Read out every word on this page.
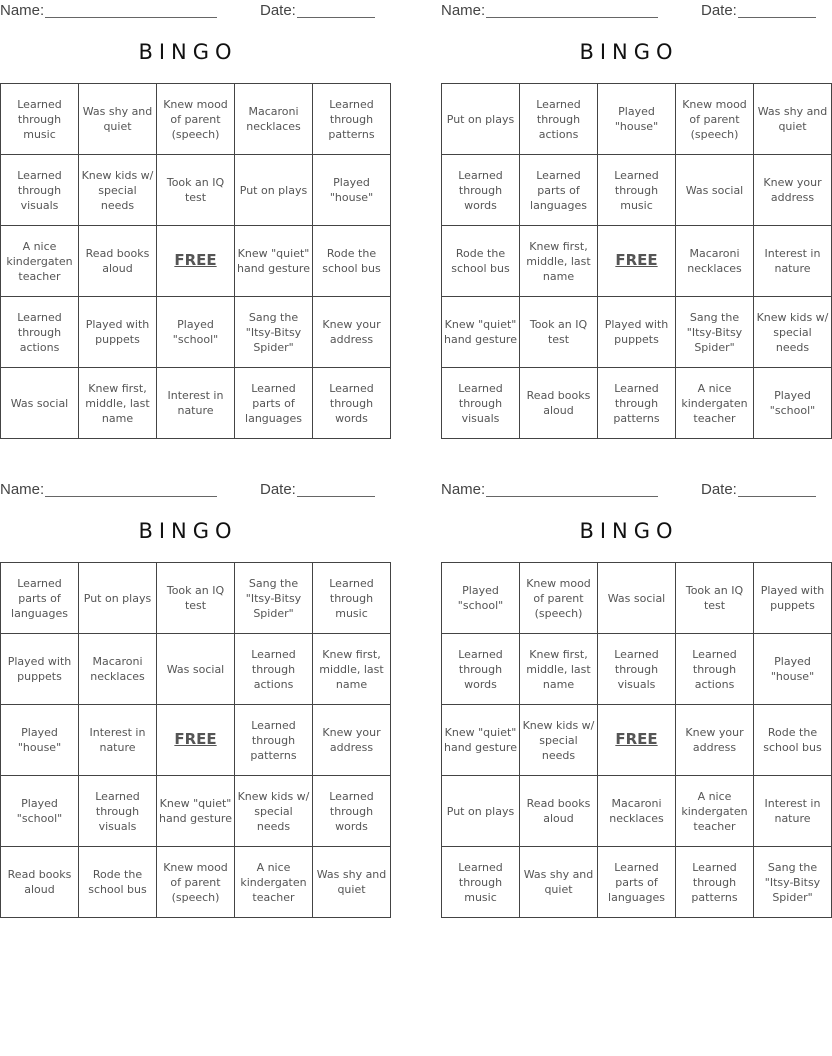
Name:	Date:
BINGO
Learned through music	Was shy and quiet	Knew mood of parent (speech)	Macaroni necklaces	Learned through patterns
Learned through visuals	Knew kids w/ special needs	Took an IQ test	Put on plays	Played "house"
A nice kindergaten teacher	Read books aloud	FREE	Knew "quiet" hand gesture	Rode the school bus
Learned through actions	Played with puppets	Played "school"	Sang the "Itsy-Bitsy Spider"	Knew your address
Was social	Knew first, middle, last name	Interest in nature	Learned parts of languages	Learned through words
Name:	Date:
BINGO
Put on plays	Learned through actions	Played "house"	Knew mood of parent (speech)	Was shy and quiet
Learned through words	Learned parts of languages	Learned through music	Was social	Knew your address
Rode the school bus	Knew first, middle, last name	FREE	Macaroni necklaces	Interest in nature
Knew "quiet" hand gesture	Took an IQ test	Played with puppets	Sang the "Itsy-Bitsy Spider"	Knew kids w/ special needs
Learned through visuals	Read books aloud	Learned through patterns	A nice kindergaten teacher	Played "school"
Name:	Date:
BINGO
Learned parts of languages	Put on plays	Took an IQ test	Sang the "Itsy-Bitsy Spider"	Learned through music
Played with puppets	Macaroni necklaces	Was social	Learned through actions	Knew first, middle, last name
Played "house"	Interest in nature	FREE	Learned through patterns	Knew your address
Played "school"	Learned through visuals	Knew "quiet" hand gesture	Knew kids w/ special needs	Learned through words
Read books aloud	Rode the school bus	Knew mood of parent (speech)	A nice kindergaten teacher	Was shy and quiet
Name:	Date:
BINGO
Played "school"	Knew mood of parent (speech)	Was social	Took an IQ test	Played with puppets
Learned through words	Knew first, middle, last name	Learned through visuals	Learned through actions	Played "house"
Knew "quiet" hand gesture	Knew kids w/ special needs	FREE	Knew your address	Rode the school bus
Put on plays	Read books aloud	Macaroni necklaces	A nice kindergaten teacher	Interest in nature
Learned through music	Was shy and quiet	Learned parts of languages	Learned through patterns	Sang the "Itsy-Bitsy Spider"
